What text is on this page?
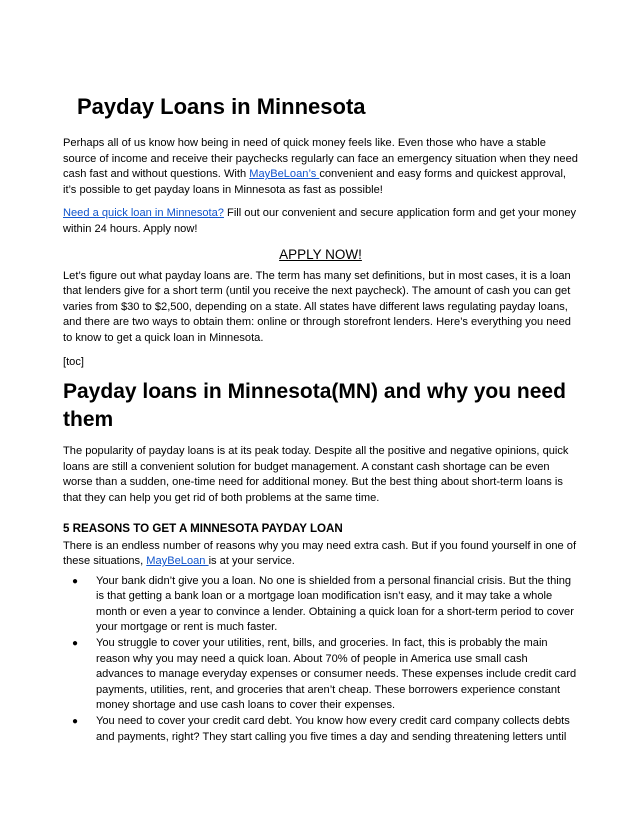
Payday Loans in Minnesota

Perhaps all of us know how being in need of quick money feels like. Even those who have a stable source of income and receive their paychecks regularly can face an emergency situation when they need cash fast and without questions. With MayBeLoan’s convenient and easy forms and quickest approval, it’s possible to get payday loans in Minnesota as fast as possible!

Need a quick loan in Minnesota? Fill out our convenient and secure application form and get your money within 24 hours. Apply now!

APPLY NOW!

Let’s figure out what payday loans are. The term has many set definitions, but in most cases, it is a loan that lenders give for a short term (until you receive the next paycheck). The amount of cash you can get varies from $30 to $2,500, depending on a state. All states have different laws regulating payday loans, and there are two ways to obtain them: online or through storefront lenders. Here’s everything you need to know to get a quick loan in Minnesota.

[toc]

Payday loans in Minnesota(MN) and why you need them

The popularity of payday loans is at its peak today. Despite all the positive and negative opinions, quick loans are still a convenient solution for budget management. A constant cash shortage can be even worse than a sudden, one-time need for additional money. But the best thing about short-term loans is that they can help you get rid of both problems at the same time.

5 REASONS TO GET A MINNESOTA PAYDAY LOAN

There is an endless number of reasons why you may need extra cash. But if you found yourself in one of these situations, MayBeLoan is at your service.

● Your bank didn’t give you a loan. No one is shielded from a personal financial crisis. But the thing is that getting a bank loan or a mortgage loan modification isn’t easy, and it may take a whole month or even a year to convince a lender. Obtaining a quick loan for a short-term period to cover your mortgage or rent is much faster.
● You struggle to cover your utilities, rent, bills, and groceries. In fact, this is probably the main reason why you may need a quick loan. About 70% of people in America use small cash advances to manage everyday expenses or consumer needs. These expenses include credit card payments, utilities, rent, and groceries that aren’t cheap. These borrowers experience constant money shortage and use cash loans to cover their expenses.
● You need to cover your credit card debt. You know how every credit card company collects debts and payments, right? They start calling you five times a day and sending threatening letters until
